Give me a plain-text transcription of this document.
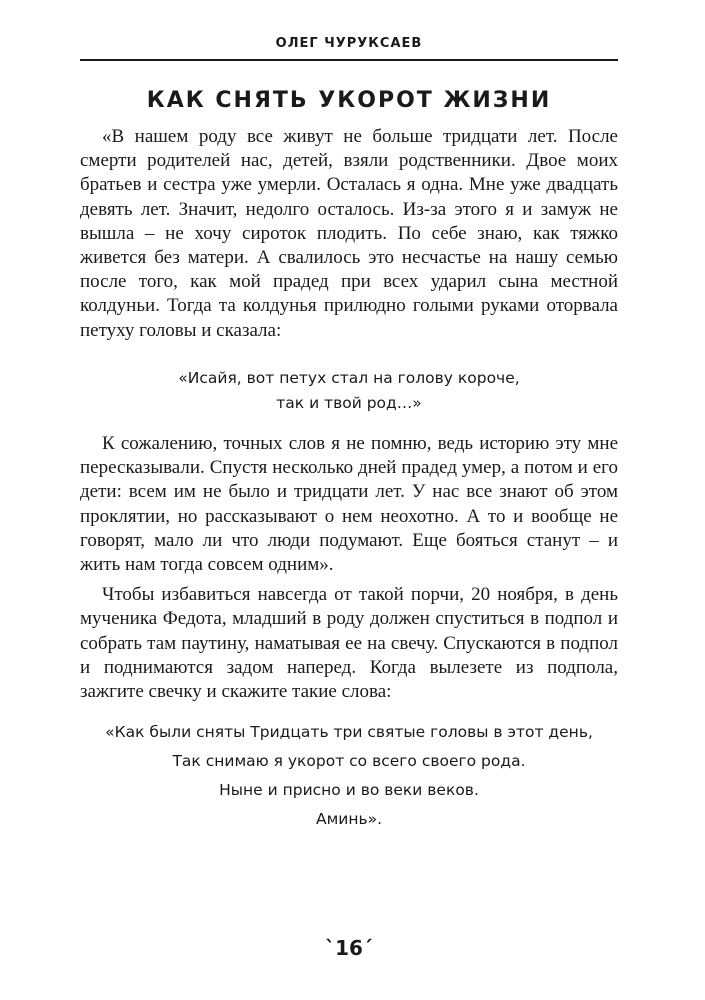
ОЛЕГ ЧУРУКСАЕВ
КАК СНЯТЬ УКОРОТ ЖИЗНИ

«В нашем роду все живут не больше тридцати лет. После смерти родителей нас, детей, взяли родственники. Двое моих братьев и сестра уже умерли. Осталась я одна. Мне уже двадцать девять лет. Значит, недолго осталось. Из-за этого я и замуж не вышла – не хочу сироток плодить. По себе знаю, как тяжко живется без матери. А свалилось это несчастье на нашу семью после того, как мой прадед при всех ударил сына местной колдуньи. Тогда та колдунья прилюдно голыми руками оторвала петуху головы и сказала:

«Исайя, вот петух стал на голову короче,
так и твой род…»

К сожалению, точных слов я не помню, ведь историю эту мне пересказывали. Спустя несколько дней прадед умер, а потом и его дети: всем им не было и тридцати лет. У нас все знают об этом проклятии, но рассказывают о нем неохотно. А то и вообще не говорят, мало ли что люди подумают. Еще бояться станут – и жить нам тогда совсем одним».

Чтобы избавиться навсегда от такой порчи, 20 ноября, в день мученика Федота, младший в роду должен спуститься в подпол и собрать там паутину, наматывая ее на свечу. Спускаются в подпол и поднимаются задом наперед. Когда вылезете из подпола, зажгите свечку и скажите такие слова:

«Как были сняты Тридцать три святые головы в этот день,
Так снимаю я укорот со всего своего рода.
Ныне и присно и во веки веков.
Аминь».
`16´
